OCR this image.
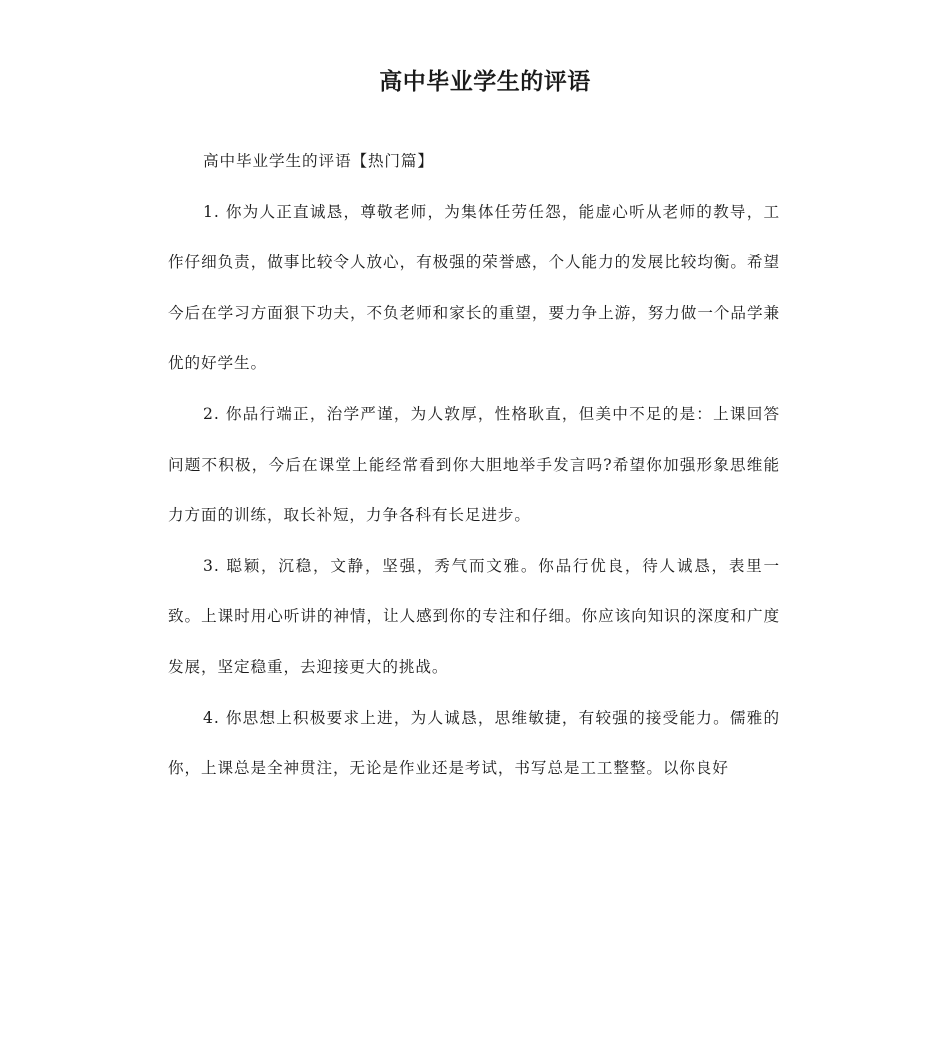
高中毕业学生的评语

高中毕业学生的评语【热门篇】

1. 你为人正直诚恳，尊敬老师，为集体任劳任怨，能虚心听从老师的教导，工作仔细负责，做事比较令人放心，有极强的荣誉感，个人能力的发展比较均衡。希望今后在学习方面狠下功夫，不负老师和家长的重望，要力争上游，努力做一个品学兼优的好学生。

2. 你品行端正，治学严谨，为人敦厚，性格耿直，但美中不足的是：上课回答问题不积极，今后在课堂上能经常看到你大胆地举手发言吗?希望你加强形象思维能力方面的训练，取长补短，力争各科有长足进步。

3. 聪颖，沉稳，文静，坚强，秀气而文雅。你品行优良，待人诚恳，表里一致。上课时用心听讲的神情，让人感到你的专注和仔细。你应该向知识的深度和广度发展，坚定稳重，去迎接更大的挑战。

4. 你思想上积极要求上进，为人诚恳，思维敏捷，有较强的接受能力。儒雅的你，上课总是全神贯注，无论是作业还是考试，书写总是工工整整。以你良好
